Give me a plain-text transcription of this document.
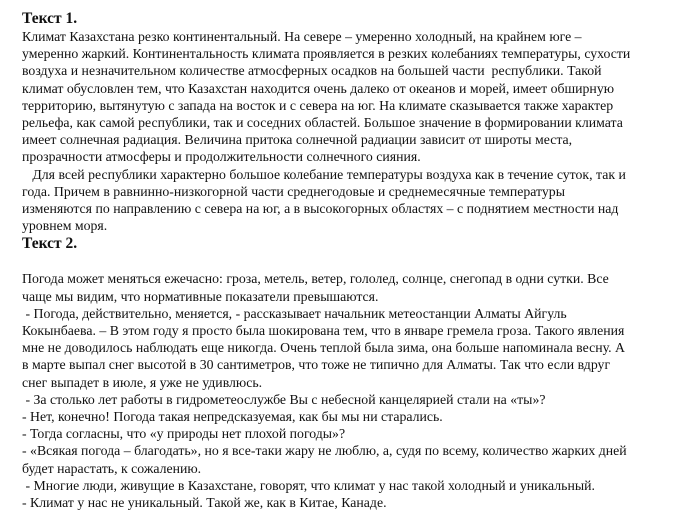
Текст 1.
Климат Казахстана резко континентальный. На севере – умеренно холодный, на крайнем юге –
умеренно жаркий. Континентальность климата проявляется в резких колебаниях температуры, сухости
воздуха и незначительном количестве атмосферных осадков на большей части  республики. Такой
климат обусловлен тем, что Казахстан находится очень далеко от океанов и морей, имеет обширную
территорию, вытянутую с запада на восток и с севера на юг. На климате сказывается также характер
рельефа, как самой республики, так и соседних областей. Большое значение в формировании климата
имеет солнечная радиация. Величина притока солнечной радиации зависит от широты места,
прозрачности атмосферы и продолжительности солнечного сияния.
Для всей республики характерно большое колебание температуры воздуха как в течение суток, так и
года. Причем в равнинно-низкогорной части среднегодовые и среднемесячные температуры
изменяются по направлению с севера на юг, а в высокогорных областях – с поднятием местности над
уровнем моря.
Текст 2.
Погода может меняться ежечасно: гроза, метель, ветер, гололед, солнце, снегопад в одни сутки. Все
чаще мы видим, что нормативные показатели превышаются.
- Погода, действительно, меняется, - рассказывает начальник метеостанции Алматы Айгуль
Кокынбаева. – В этом году я просто была шокирована тем, что в январе гремела гроза. Такого явления
мне не доводилось наблюдать еще никогда. Очень теплой была зима, она больше напоминала весну. А
в марте выпал снег высотой в 30 сантиметров, что тоже не типично для Алматы. Так что если вдруг
снег выпадет в июле, я уже не удивлюсь.
- За столько лет работы в гидрометеослужбе Вы с небесной канцелярией стали на «ты»?
- Нет, конечно! Погода такая непредсказуемая, как бы мы ни старались.
- Тогда согласны, что «у природы нет плохой погоды»?
- «Всякая погода – благодать», но я все-таки жару не люблю, а, судя по всему, количество жарких дней
будет нарастать, к сожалению.
- Многие люди, живущие в Казахстане, говорят, что климат у нас такой холодный и уникальный.
- Климат у нас не уникальный. Такой же, как в Китае, Канаде.
